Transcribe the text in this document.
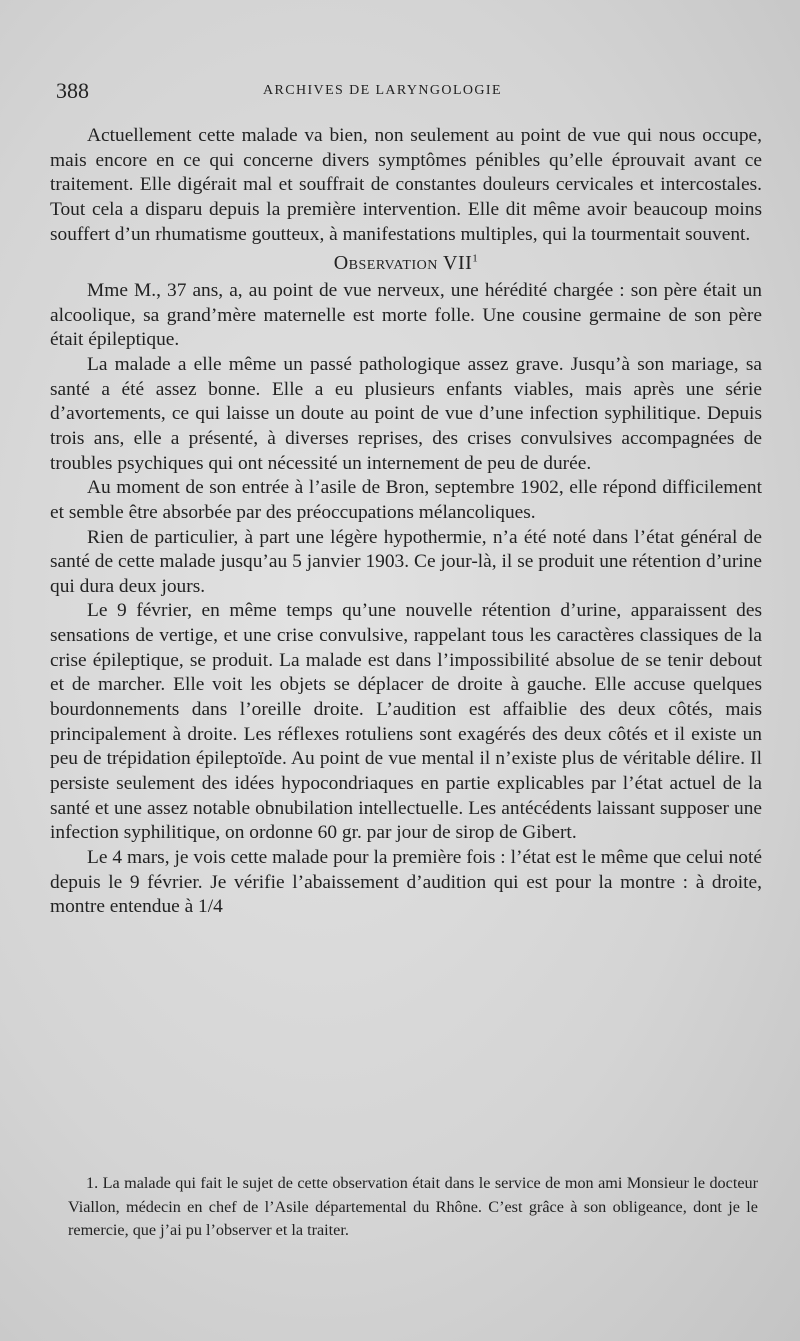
388	ARCHIVES DE LARYNGOLOGIE

Actuellement cette malade va bien, non seulement au point de vue qui nous occupe, mais encore en ce qui concerne divers symptômes pénibles qu’elle éprouvait avant ce traitement. Elle digérait mal et souffrait de constantes douleurs cervicales et intercostales. Tout cela a disparu depuis la première intervention. Elle dit même avoir beaucoup moins souffert d’un rhumatisme goutteux, à manifestations multiples, qui la tourmentait souvent.

Observation VII$^1$

Mme M., 37 ans, a, au point de vue nerveux, une hérédité chargée : son père était un alcoolique, sa grand’mère maternelle est morte folle. Une cousine germaine de son père était épileptique.

La malade a elle même un passé pathologique assez grave. Jusqu’à son mariage, sa santé a été assez bonne. Elle a eu plusieurs enfants viables, mais après une série d’avortements, ce qui laisse un doute au point de vue d’une infection syphilitique. Depuis trois ans, elle a présenté, à diverses reprises, des crises convulsives accompagnées de troubles psychiques qui ont nécessité un internement de peu de durée.

Au moment de son entrée à l’asile de Bron, septembre 1902, elle répond difficilement et semble être absorbée par des préoccupations mélancoliques.

Rien de particulier, à part une légère hypothermie, n’a été noté dans l’état général de santé de cette malade jusqu’au 5 janvier 1903. Ce jour-là, il se produit une rétention d’urine qui dura deux jours.

Le 9 février, en même temps qu’une nouvelle rétention d’urine, apparaissent des sensations de vertige, et une crise convulsive, rappelant tous les caractères classiques de la crise épileptique, se produit. La malade est dans l’impossibilité absolue de se tenir debout et de marcher. Elle voit les objets se déplacer de droite à gauche. Elle accuse quelques bourdonnements dans l’oreille droite. L’audition est affaiblie des deux côtés, mais principalement à droite. Les réflexes rotuliens sont exagérés des deux côtés et il existe un peu de trépidation épileptoïde. Au point de vue mental il n’existe plus de véritable délire. Il persiste seulement des idées hypocondriaques en partie explicables par l’état actuel de la santé et une assez notable obnubilation intellectuelle. Les antécédents laissant supposer une infection syphilitique, on ordonne 60 gr. par jour de sirop de Gibert.

Le 4 mars, je vois cette malade pour la première fois : l’état est le même que celui noté depuis le 9 février. Je vérifie l’abaissement d’audition qui est pour la montre : à droite, montre entendue à 1/4

1. La malade qui fait le sujet de cette observation était dans le service de mon ami Monsieur le docteur Viallon, médecin en chef de l’Asile départemental du Rhône. C’est grâce à son obligeance, dont je le remercie, que j’ai pu l’observer et la traiter.
